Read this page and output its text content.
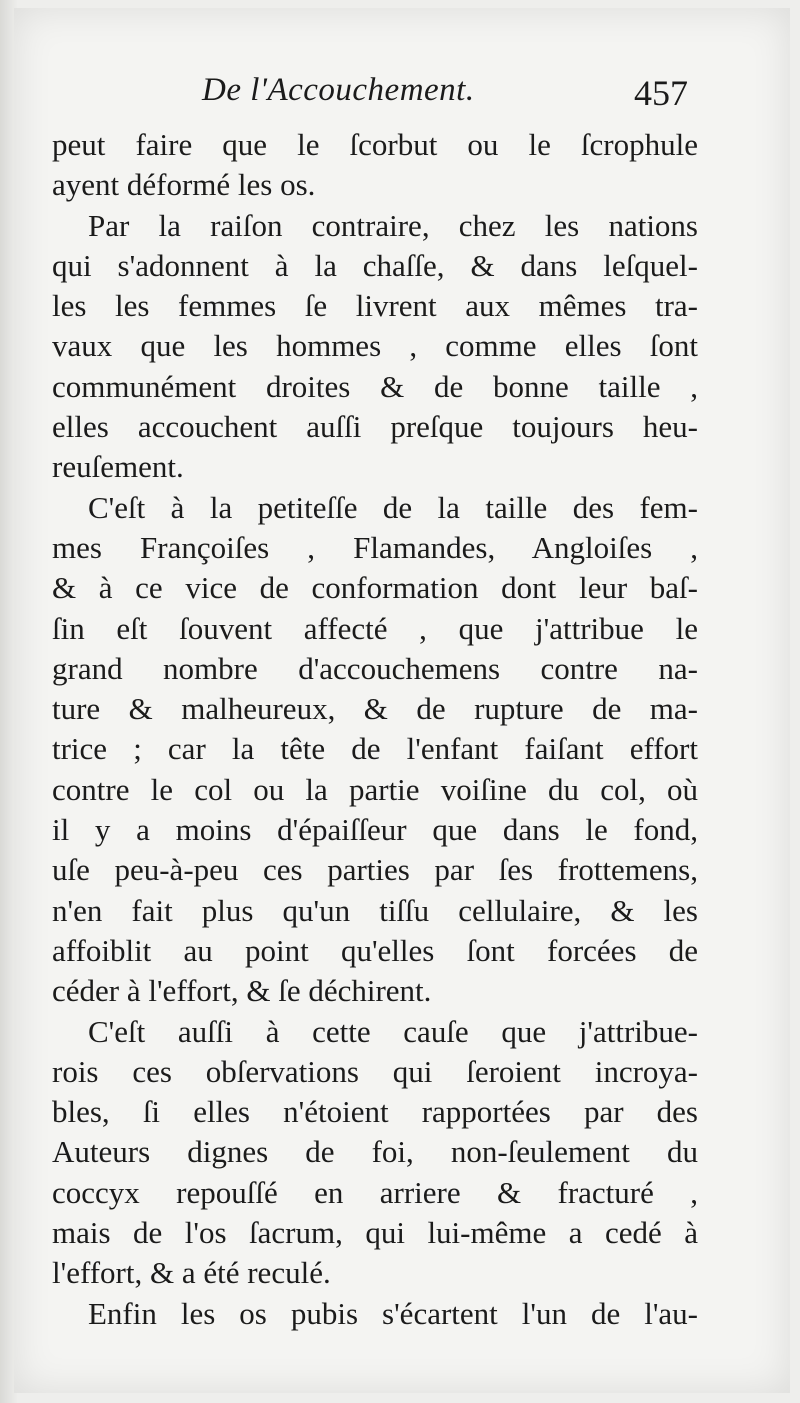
De l'Accouchement.	457
peut faire que le ſcorbut ou le ſcrophule
ayent déformé les os.
Par la raiſon contraire, chez les nations
qui s'adonnent à la chaſſe, & dans leſquel-
les les femmes ſe livrent aux mêmes tra-
vaux que les hommes , comme elles ſont
communément droites & de bonne taille ,
elles accouchent auſſi preſque toujours heu-
reuſement.
C'eſt à la petiteſſe de la taille des fem-
mes Françoiſes , Flamandes, Angloiſes ,
& à ce vice de conformation dont leur baſ-
ſin eſt ſouvent affecté , que j'attribue le
grand nombre d'accouchemens contre na-
ture & malheureux, & de rupture de ma-
trice ; car la tête de l'enfant faiſant effort
contre le col ou la partie voiſine du col, où
il y a moins d'épaiſſeur que dans le fond,
uſe peu-à-peu ces parties par ſes frottemens,
n'en fait plus qu'un tiſſu cellulaire, & les
affoiblit au point qu'elles ſont forcées de
céder à l'effort, & ſe déchirent.
C'eſt auſſi à cette cauſe que j'attribue-
rois ces obſervations qui ſeroient incroya-
bles, ſi elles n'étoient rapportées par des
Auteurs dignes de foi, non-ſeulement du
coccyx repouſſé en arriere & fracturé ,
mais de l'os ſacrum, qui lui-même a cedé à
l'effort, & a été reculé.
Enfin les os pubis s'écartent l'un de l'au-
